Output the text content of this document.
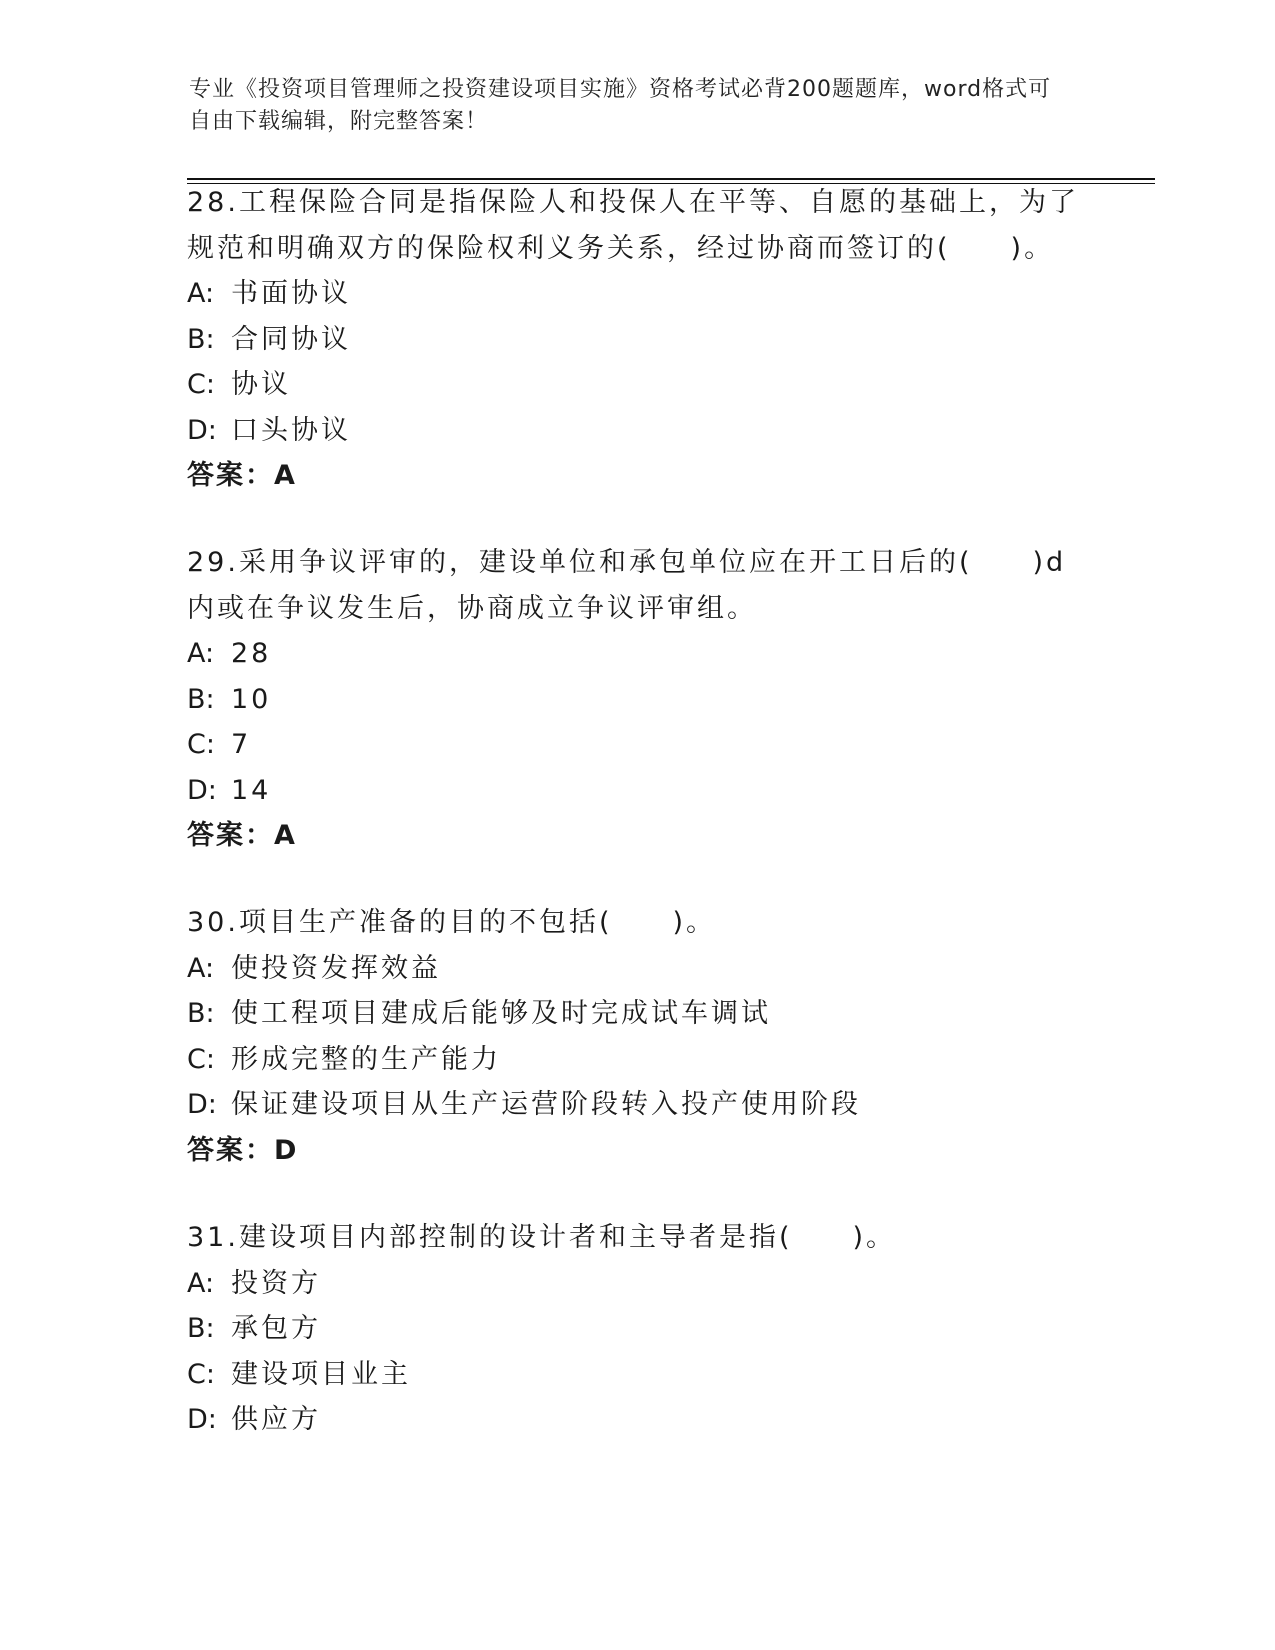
专业《投资项目管理师之投资建设项目实施》资格考试必背200题题库，word格式可自由下载编辑，附完整答案！
28.工程保险合同是指保险人和投保人在平等、自愿的基础上，为了规范和明确双方的保险权利义务关系，经过协商而签订的(　　)。
A: 书面协议
B: 合同协议
C: 协议
D: 口头协议
答案：A
29.采用争议评审的，建设单位和承包单位应在开工日后的(　　)d内或在争议发生后，协商成立争议评审组。
A: 28
B: 10
C: 7
D: 14
答案：A
30.项目生产准备的目的不包括(　　)。
A: 使投资发挥效益
B: 使工程项目建成后能够及时完成试车调试
C: 形成完整的生产能力
D: 保证建设项目从生产运营阶段转入投产使用阶段
答案：D
31.建设项目内部控制的设计者和主导者是指(　　)。
A: 投资方
B: 承包方
C: 建设项目业主
D: 供应方
